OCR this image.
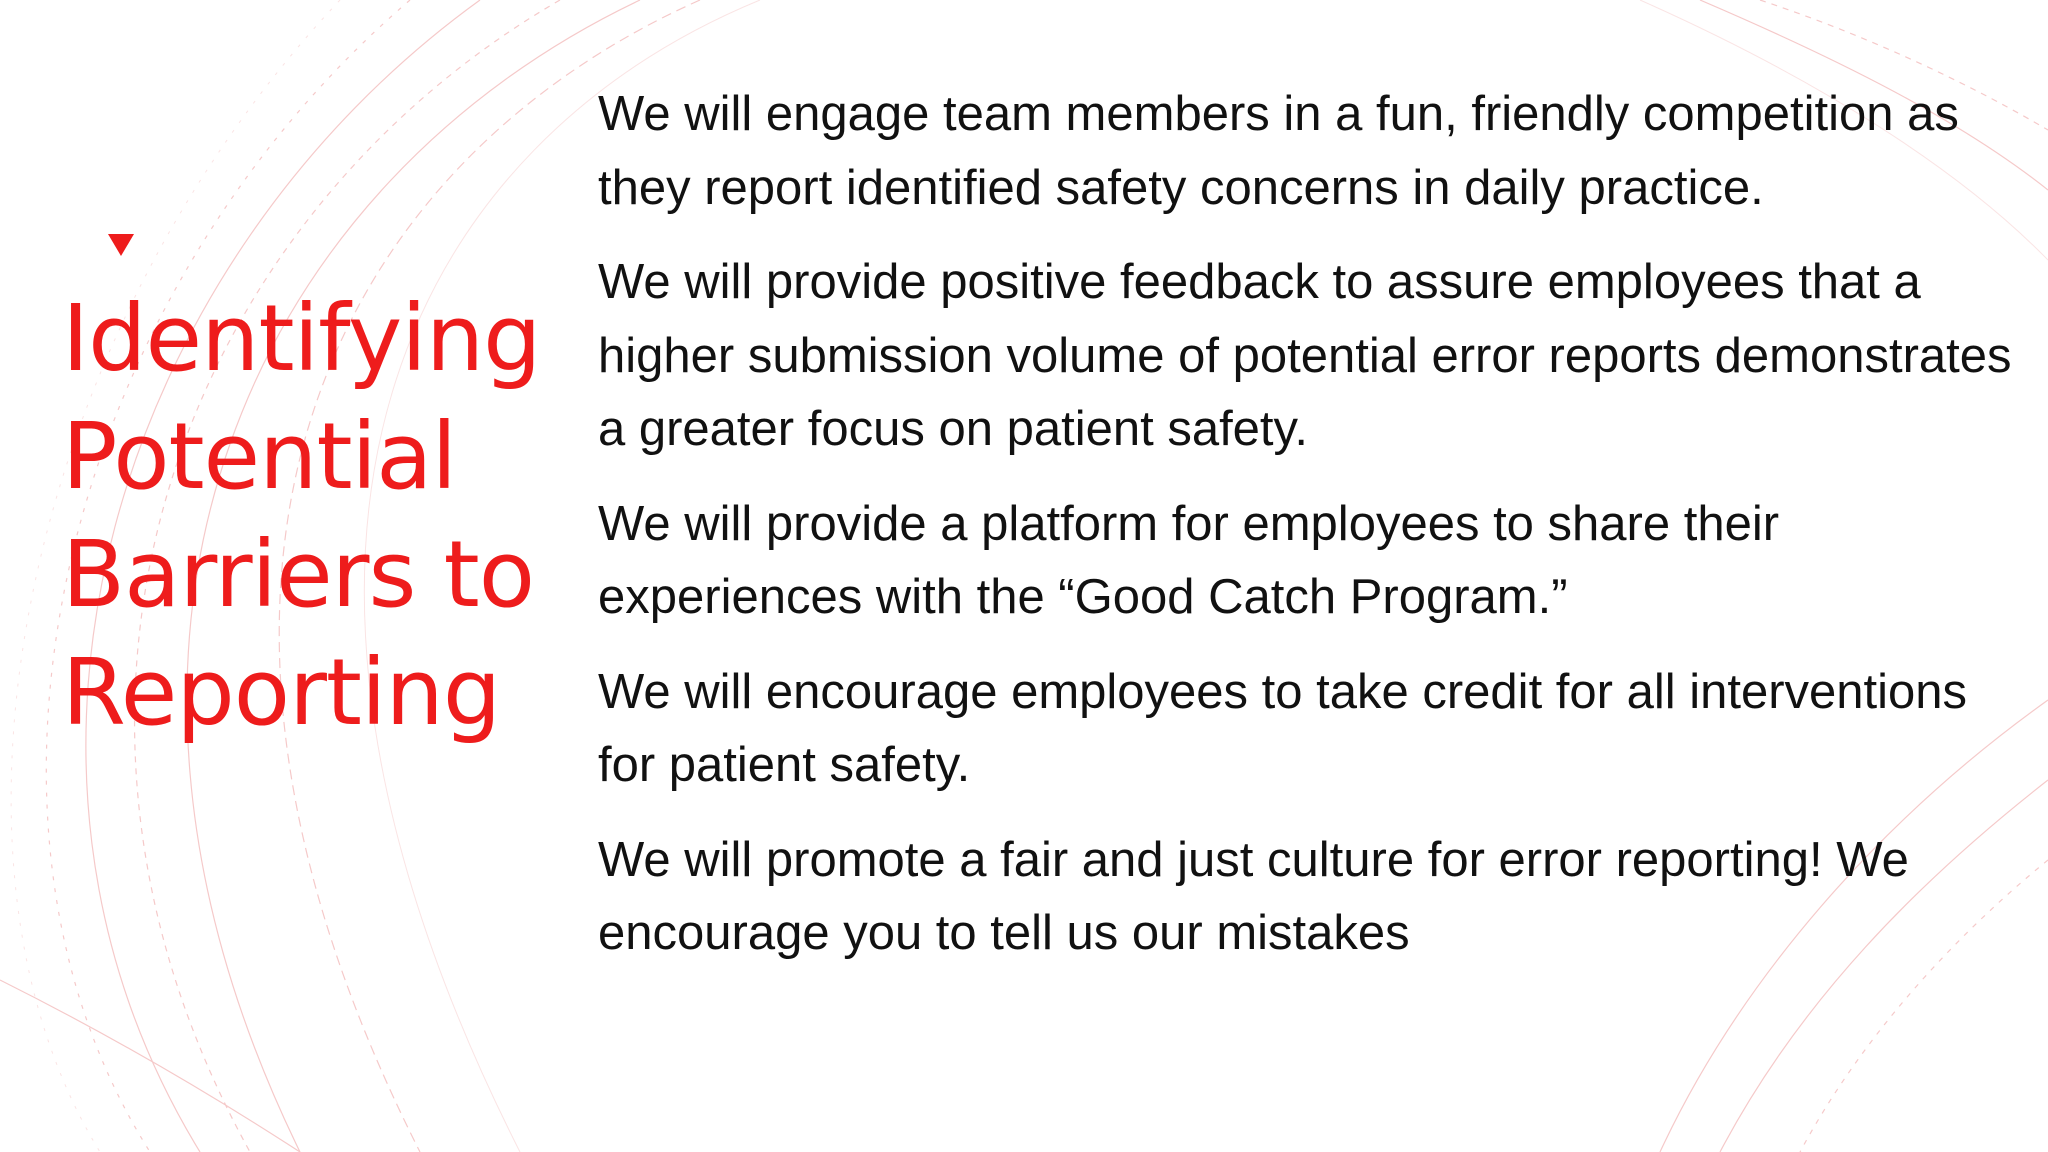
Identifying
Potential
Barriers to
Reporting
We will engage team members in a fun, friendly competition as they report identified safety concerns in daily practice.
We will provide positive feedback to assure employees that a higher submission volume of potential error reports demonstrates a greater focus on patient safety.
We will provide a platform for employees to share their experiences with the “Good Catch Program.”
We will encourage employees to take credit for all interventions for patient safety.
We will promote a fair and just culture for error reporting! We encourage you to tell us our mistakes
